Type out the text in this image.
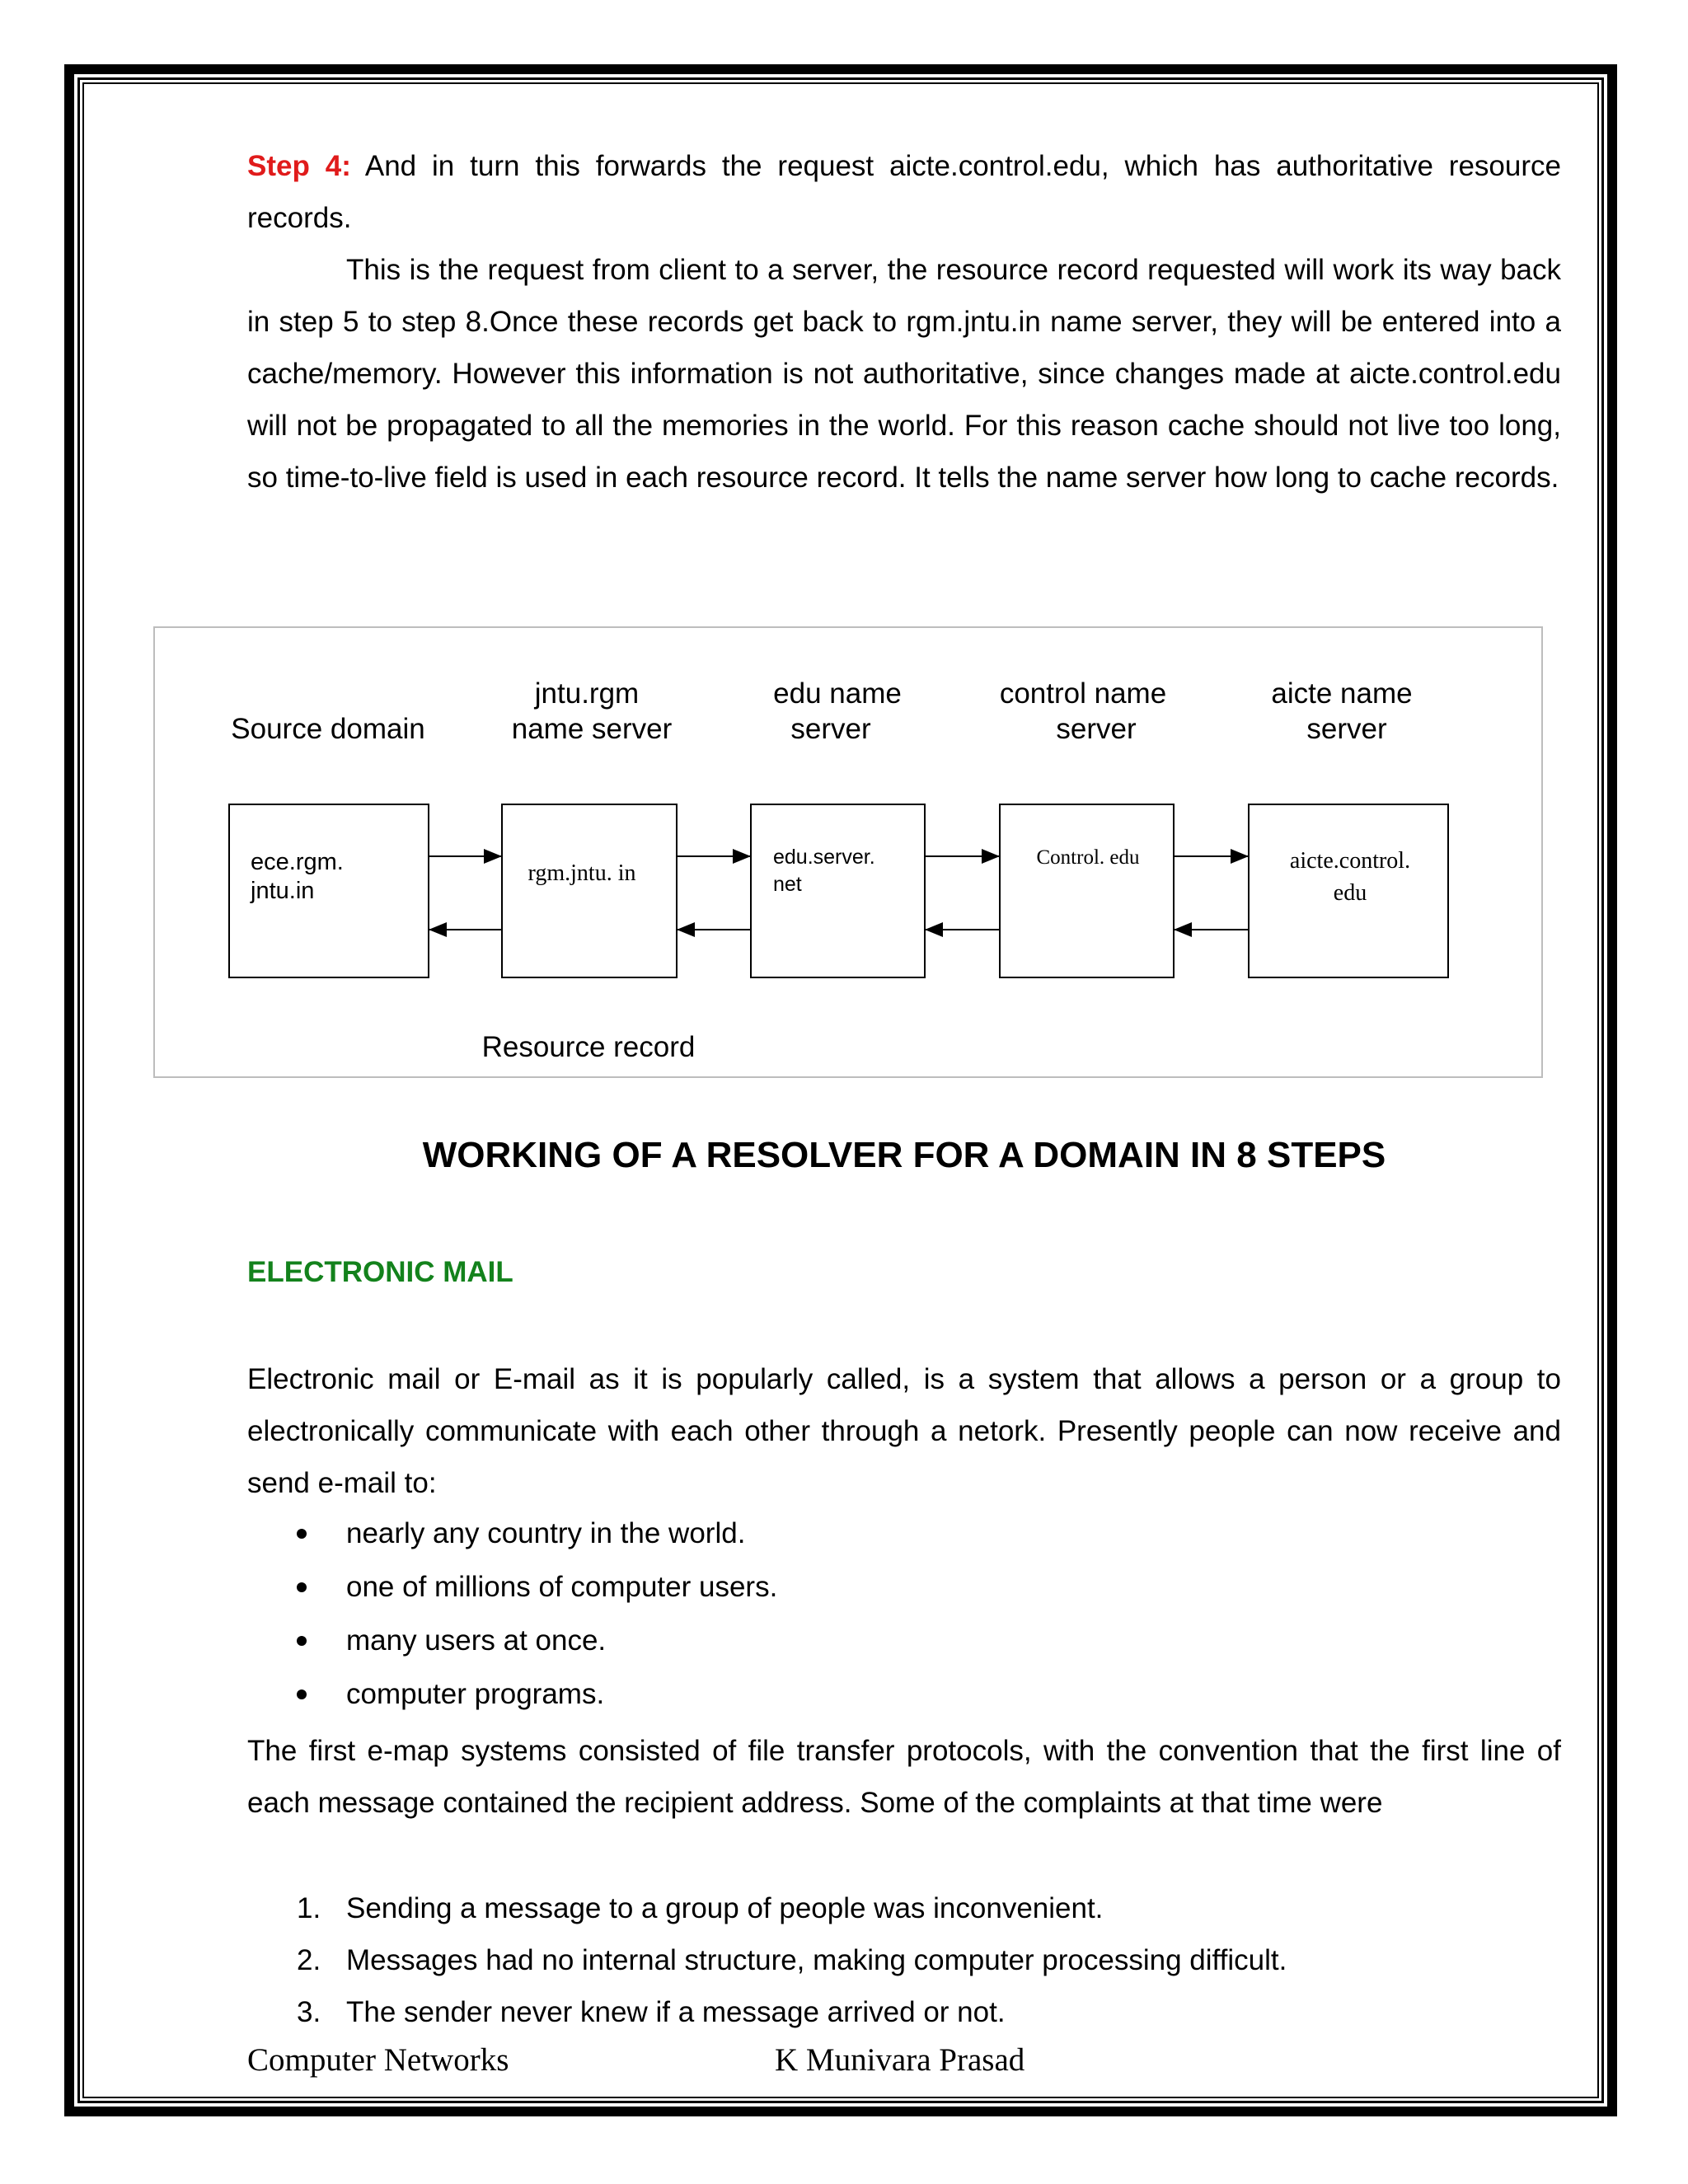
Step 4: And in turn this forwards the request aicte.control.edu, which has authoritative resource records.

This is the request from client to a server, the resource record requested will work its way back in step 5 to step 8.Once these records get back to rgm.jntu.in name server, they will be entered into a cache/memory. However this information is not authoritative, since changes made at aicte.control.edu will not be propagated to all the memories in the world. For this reason cache should not live too long, so time-to-live field is used in each resource record. It tells the name server how long to cache records.

Source domain
jntu.rgm
name server
edu name
server
control name
server
aicte name
server
ece.rgm.
jntu.in
rgm.jntu. in
edu.server.
net
Control. edu	aicte.control.
edu
Resource record
WORKING OF A RESOLVER FOR A DOMAIN IN 8 STEPS
ELECTRONIC MAIL

Electronic mail or E-mail as it is popularly called, is a system that allows a person or a group to electronically communicate with each other through a netork. Presently people can now receive and send e-mail to:

nearly any country in the world.
one of millions of computer users.
many users at once.
computer programs.

The first e-map systems consisted of file transfer protocols, with the convention that the first line of each message contained the recipient address. Some of the complaints at that time were

1. Sending a message to a group of people was inconvenient.
2. Messages had no internal structure, making computer processing difficult.
3. The sender never knew if a message arrived or not.
Computer Networks	K Munivara Prasad
